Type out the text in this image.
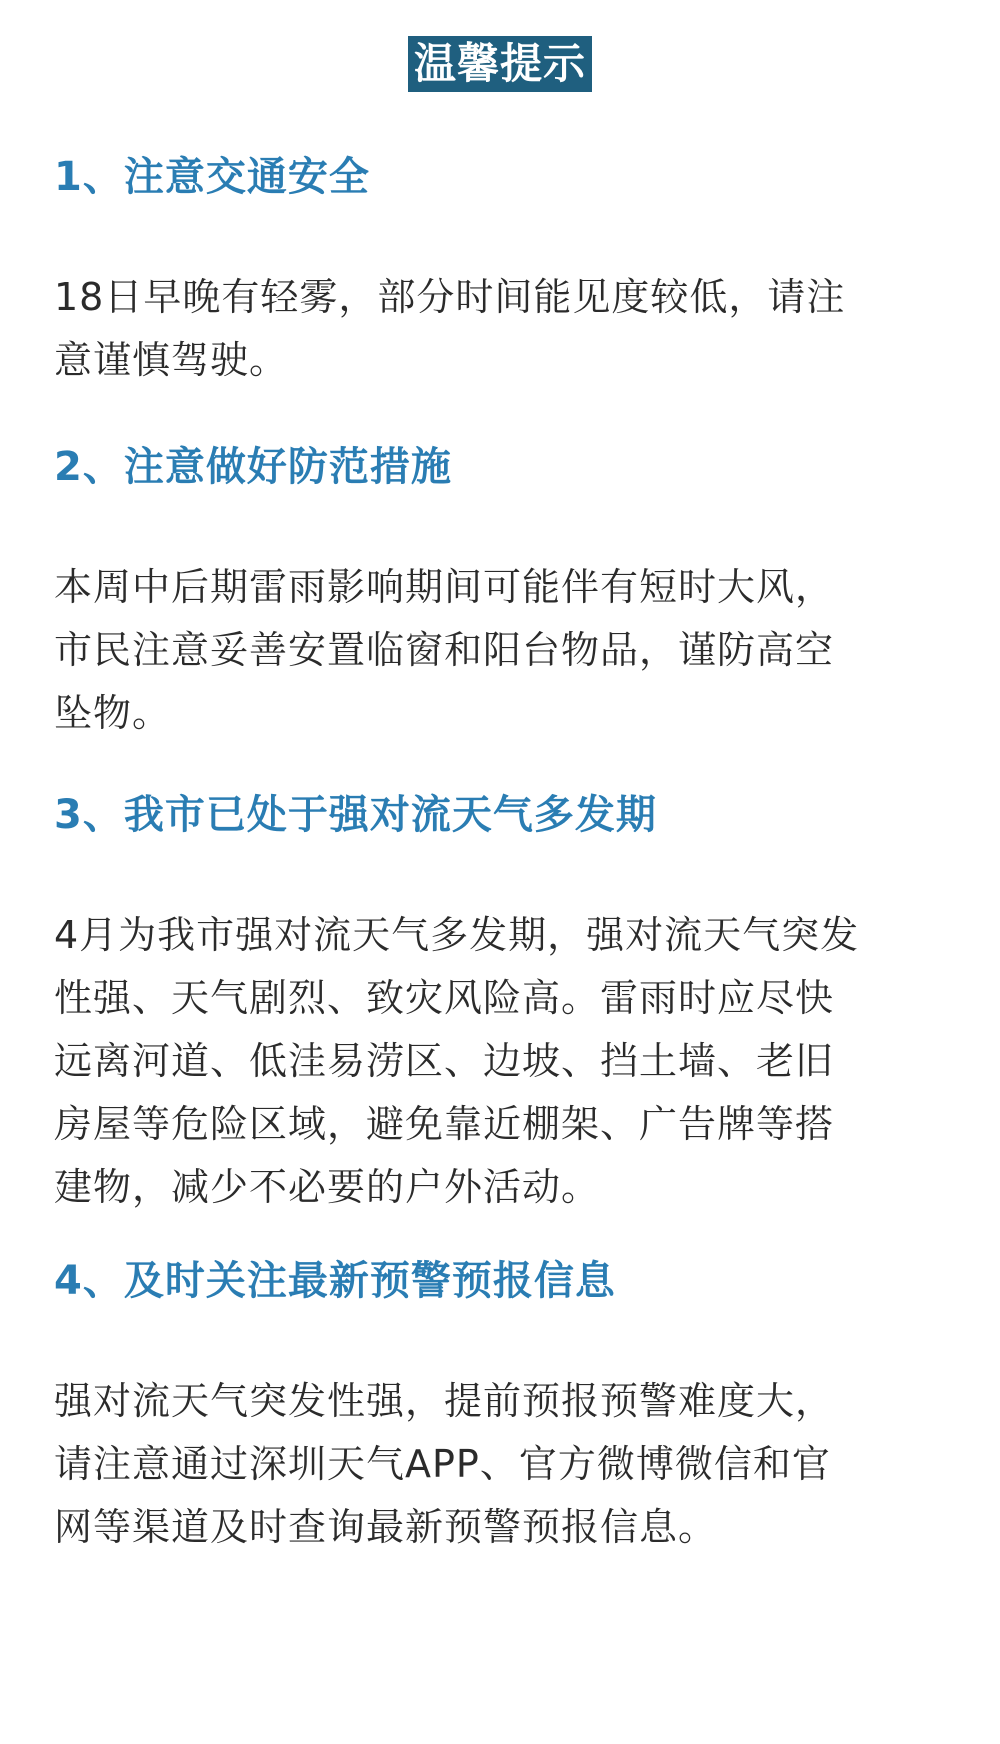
温馨提示
1、注意交通安全

18日早晚有轻雾，部分时间能见度较低，请注
意谨慎驾驶。

2、注意做好防范措施

本周中后期雷雨影响期间可能伴有短时大风，
市民注意妥善安置临窗和阳台物品，谨防高空
坠物。

3、我市已处于强对流天气多发期

4月为我市强对流天气多发期，强对流天气突发
性强、天气剧烈、致灾风险高。雷雨时应尽快
远离河道、低洼易涝区、边坡、挡土墙、老旧
房屋等危险区域，避免靠近棚架、广告牌等搭
建物，减少不必要的户外活动。

4、及时关注最新预警预报信息

强对流天气突发性强，提前预报预警难度大，
请注意通过深圳天气APP、官方微博微信和官
网等渠道及时查询最新预警预报信息。
